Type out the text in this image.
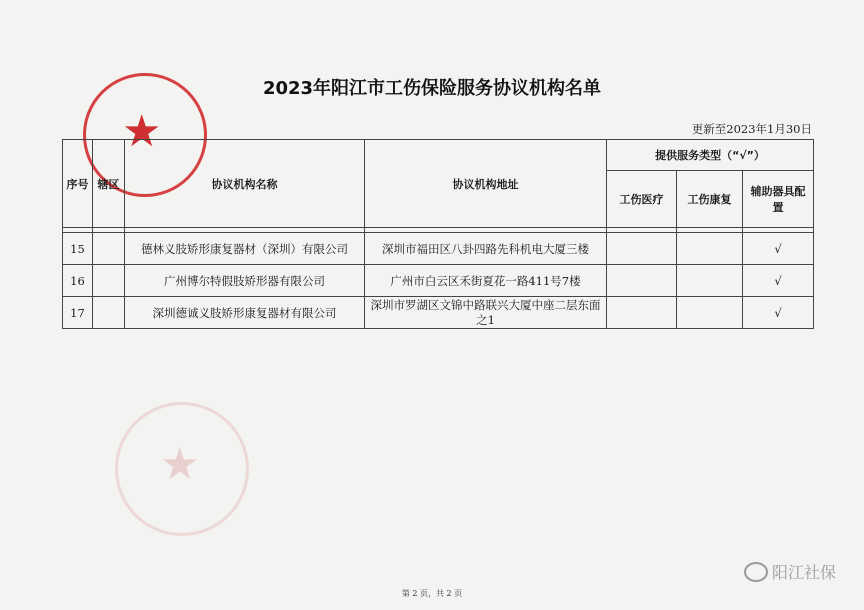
★
★
2023年阳江市工伤保险服务协议机构名单
更新至2023年1月30日
序号	辖区	协议机构名称	协议机构地址	提供服务类型（“√”）		
				工伤医疗	工伤康复	辅助器具配置

15		德林义肢矫形康复器材（深圳）有限公司	深圳市福田区八卦四路先科机电大厦三楼			√
16		广州博尔特假肢矫形器有限公司	广州市白云区禾街夏花一路411号7楼			√
17		深圳德诚义肢矫形康复器材有限公司	深圳市罗湖区文锦中路联兴大厦中座二层东面之1			√
阳江社保
第 2 页，共 2 页
